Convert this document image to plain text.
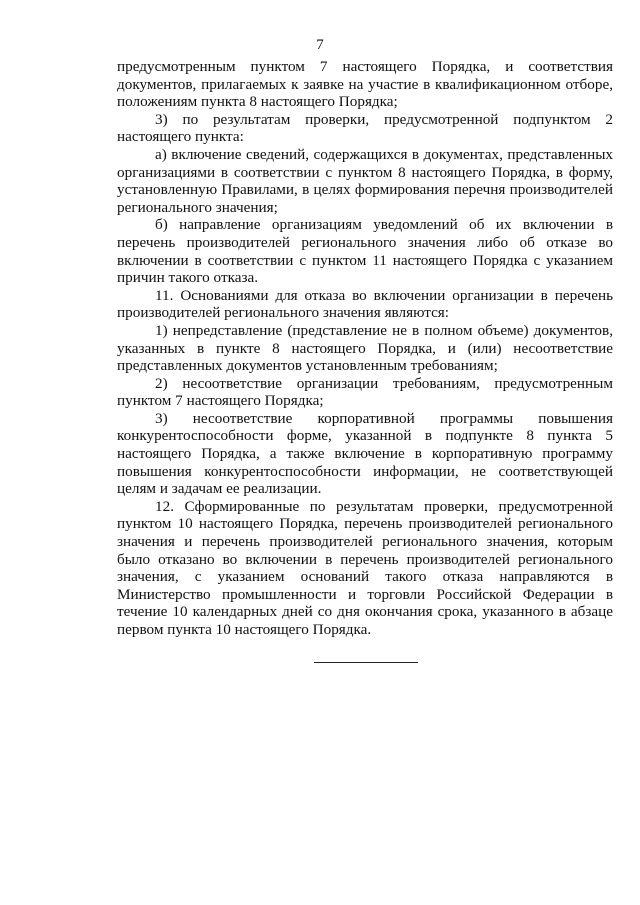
7

предусмотренным пунктом 7 настоящего Порядка, и соответствия документов, прилагаемых к заявке на участие в квалификационном отборе, положениям пункта 8 настоящего Порядка;

3) по результатам проверки, предусмотренной подпунктом 2 настоящего пункта:

а) включение сведений, содержащихся в документах, представленных организациями в соответствии с пунктом 8 настоящего Порядка, в форму, установленную Правилами, в целях формирования перечня производителей регионального значения;

б) направление организациям уведомлений об их включении в перечень производителей регионального значения либо об отказе во включении в соответствии с пунктом 11 настоящего Порядка с указанием причин такого отказа.

11. Основаниями для отказа во включении организации в перечень производителей регионального значения являются:

1) непредставление (представление не в полном объеме) документов, указанных в пункте 8 настоящего Порядка, и (или) несоответствие представленных документов установленным требованиям;

2) несоответствие организации требованиям, предусмотренным пунктом 7 настоящего Порядка;

3) несоответствие корпоративной программы повышения конкурентоспособности форме, указанной в подпункте 8 пункта 5 настоящего Порядка, а также включение в корпоративную программу повышения конкурентоспособности информации, не соответствующей целям и задачам ее реализации.

12. Сформированные по результатам проверки, предусмотренной пунктом 10 настоящего Порядка, перечень производителей регионального значения и перечень производителей регионального значения, которым было отказано во включении в перечень производителей регионального значения, с указанием оснований такого отказа направляются в Министерство промышленности и торговли Российской Федерации в течение 10 календарных дней со дня окончания срока, указанного в абзаце первом пункта 10 настоящего Порядка.
